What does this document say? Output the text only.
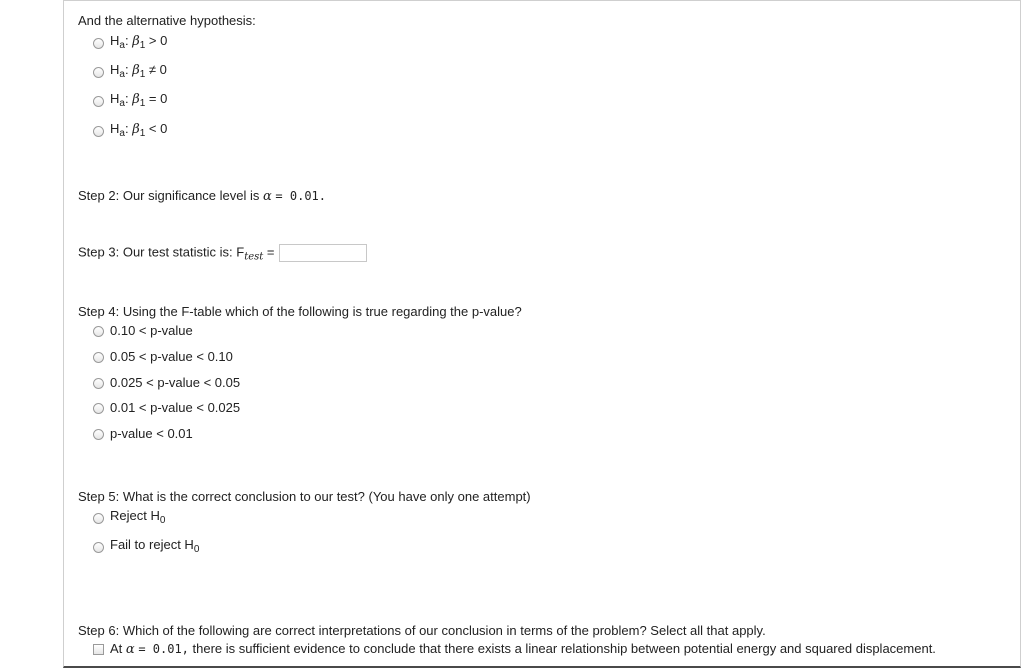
And the alternative hypothesis:
$H_a$: $\beta_1 > 0$
$H_a$: $\beta_1 \ne 0$
$H_a$: $\beta_1 = 0$
$H_a$: $\beta_1 < 0$
Step 2: Our significance level is α = 0.01.
Step 3: Our test statistic is: $F_{test}$ =
Step 4: Using the F-table which of the following is true regarding the p-value?
0.10 < p-value
0.05 < p-value < 0.10
0.025 < p-value < 0.05
0.01 < p-value < 0.025
p-value < 0.01
Step 5: What is the correct conclusion to our test? (You have only one attempt)
Reject $H_0$
Fail to reject $H_0$
Step 6: Which of the following are correct interpretations of our conclusion in terms of the problem? Select all that apply.
At α = 0.01, there is sufficient evidence to conclude that there exists a linear relationship between potential energy and squared displacement.
